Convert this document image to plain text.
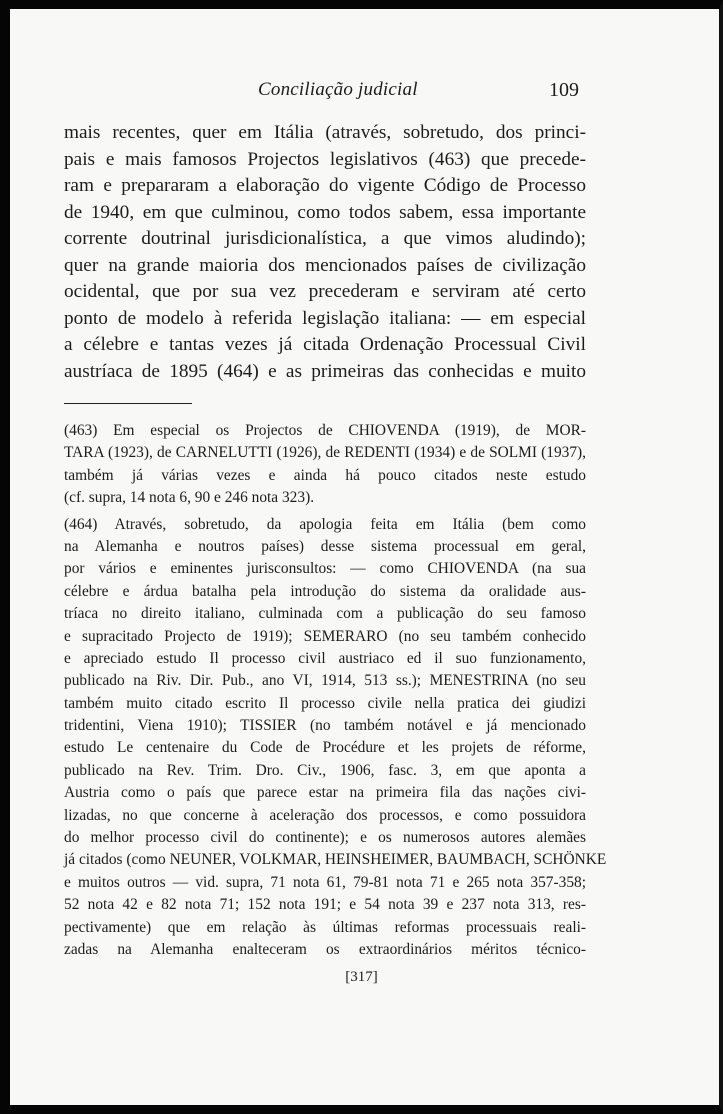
Conciliação judicial	109
mais recentes, quer em Itália (através, sobretudo, dos princi-
pais e mais famosos Projectos legislativos (463) que precede-
ram e prepararam a elaboração do vigente Código de Processo
de 1940, em que culminou, como todos sabem, essa importante
corrente doutrinal jurisdicionalística, a que vimos aludindo);
quer na grande maioria dos mencionados países de civilização
ocidental, que por sua vez precederam e serviram até certo
ponto de modelo à referida legislação italiana: — em especial
a célebre e tantas vezes já citada Ordenação Processual Civil
austríaca de 1895 (464) e as primeiras das conhecidas e muito
(463) Em especial os Projectos de CHIOVENDA (1919), de MOR-
TARA (1923), de CARNELUTTI (1926), de REDENTI (1934) e de SOLMI (1937),
também já várias vezes e ainda há pouco citados neste estudo
(cf. supra, 14 nota 6, 90 e 246 nota 323).
(464) Através, sobretudo, da apologia feita em Itália (bem como
na Alemanha e noutros países) desse sistema processual em geral,
por vários e eminentes jurisconsultos: — como CHIOVENDA (na sua
célebre e árdua batalha pela introdução do sistema da oralidade aus-
tríaca no direito italiano, culminada com a publicação do seu famoso
e supracitado Projecto de 1919); SEMERARO (no seu também conhecido
e apreciado estudo Il processo civil austriaco ed il suo funzionamento,
publicado na Riv. Dir. Pub., ano VI, 1914, 513 ss.); MENESTRINA (no seu
também muito citado escrito Il processo civile nella pratica dei giudizi
tridentini, Viena 1910); TISSIER (no também notável e já mencionado
estudo Le centenaire du Code de Procédure et les projets de réforme,
publicado na Rev. Trim. Dro. Civ., 1906, fasc. 3, em que aponta a
Austria como o país que parece estar na primeira fila das nações civi-
lizadas, no que concerne à aceleração dos processos, e como possuidora
do melhor processo civil do continente); e os numerosos autores alemães
já citados (como NEUNER, VOLKMAR, HEINSHEIMER, BAUMBACH, SCHÖNKE
e muitos outros — vid. supra, 71 nota 61, 79-81 nota 71 e 265 nota 357-358;
52 nota 42 e 82 nota 71; 152 nota 191; e 54 nota 39 e 237 nota 313, res-
pectivamente) que em relação às últimas reformas processuais reali-
zadas na Alemanha enalteceram os extraordinários méritos técnico-
[317]
